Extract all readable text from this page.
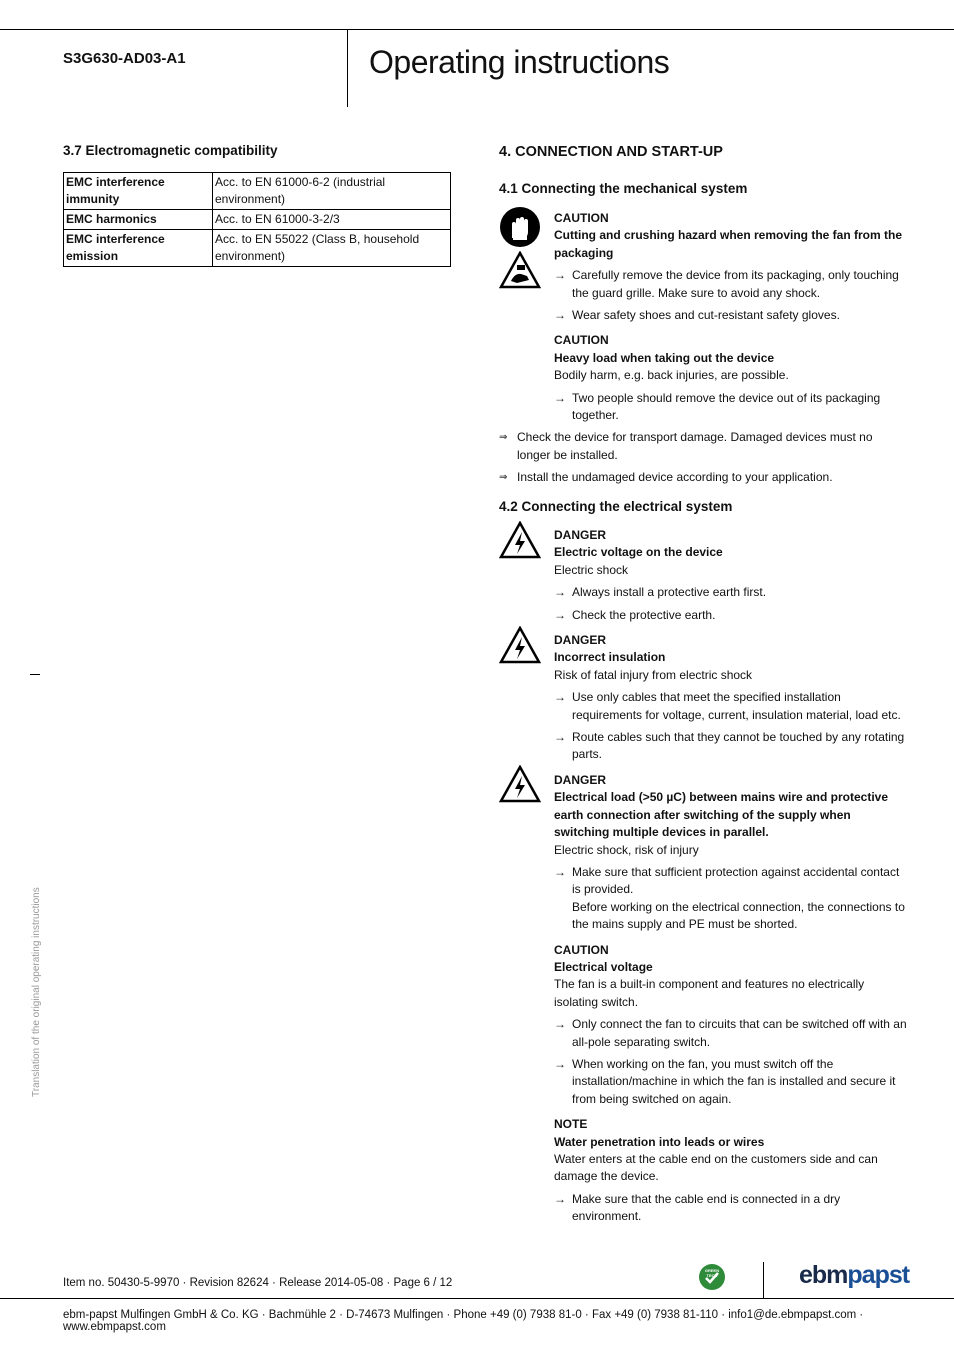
S3G630-AD03-A1	Operating instructions
Translation of the original operating instructions
3.7 Electromagnetic compatibility
EMC interference immunity	Acc. to EN 61000-6-2 (industrial environment)
EMC harmonics	Acc. to EN 61000-3-2/3
EMC interference emission	Acc. to EN 55022 (Class B, household environment)
4. CONNECTION AND START-UP
4.1 Connecting the mechanical system
CAUTION
Cutting and crushing hazard when removing the fan from the packaging
→ Carefully remove the device from its packaging, only touching the guard grille. Make sure to avoid any shock.
→ Wear safety shoes and cut-resistant safety gloves.
CAUTION
Heavy load when taking out the device
Bodily harm, e.g. back injuries, are possible.
→ Two people should remove the device out of its packaging together.
⇒ Check the device for transport damage. Damaged devices must no longer be installed.
⇒ Install the undamaged device according to your application.
4.2 Connecting the electrical system
DANGER
Electric voltage on the device
Electric shock
→ Always install a protective earth first.
→ Check the protective earth.
DANGER
Incorrect insulation
Risk of fatal injury from electric shock
→ Use only cables that meet the specified installation requirements for voltage, current, insulation material, load etc.
→ Route cables such that they cannot be touched by any rotating parts.
DANGER
Electrical load (>50 µC) between mains wire and protective earth connection after switching of the supply when switching multiple devices in parallel.
Electric shock, risk of injury
→ Make sure that sufficient protection against accidental contact is provided.
Before working on the electrical connection, the connections to the mains supply and PE must be shorted.
CAUTION
Electrical voltage
The fan is a built-in component and features no electrically isolating switch.
→ Only connect the fan to circuits that can be switched off with an all-pole separating switch.
→ When working on the fan, you must switch off the installation/machine in which the fan is installed and secure it from being switched on again.
NOTE
Water penetration into leads or wires
Water enters at the cable end on the customers side and can damage the device.
→ Make sure that the cable end is connected in a dry environment.
Item no. 50430-5-9970 · Revision 82624 · Release 2014-05-08 · Page 6 / 12
GREEN TECH	ebmpapst
ebm-papst Mulfingen GmbH & Co. KG · Bachmühle 2 · D-74673 Mulfingen · Phone +49 (0) 7938 81-0 · Fax +49 (0) 7938 81-110 · info1@de.ebmpapst.com · www.ebmpapst.com
